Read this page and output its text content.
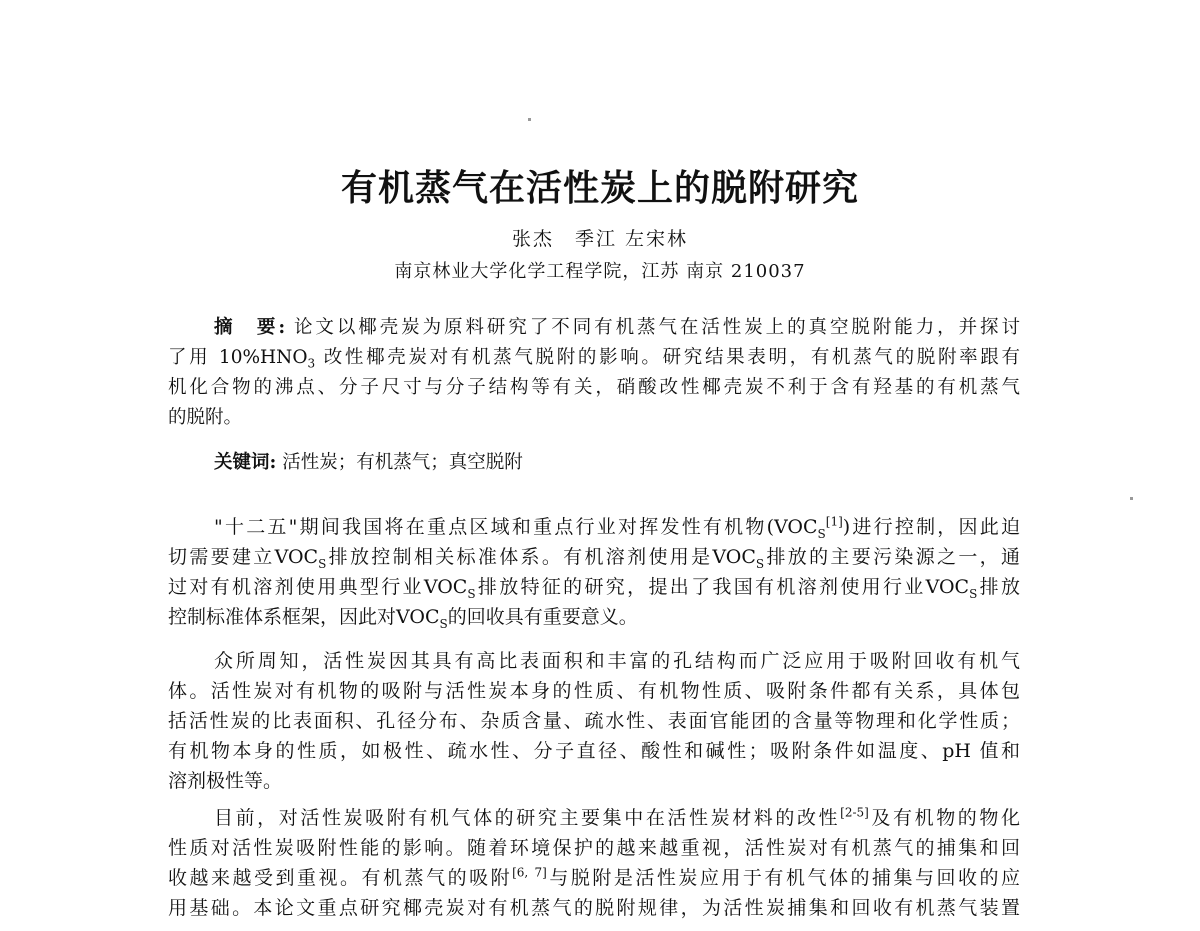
有机蒸气在活性炭上的脱附研究
张杰　季江 左宋林
南京林业大学化学工程学院，江苏 南京 210037
摘　要: 论文以椰壳炭为原料研究了不同有机蒸气在活性炭上的真空脱附能力，并探讨
了用 $10\%HNO_3$ 改性椰壳炭对有机蒸气脱附的影响。研究结果表明，有机蒸气的脱附率跟有
机化合物的沸点、分子尺寸与分子结构等有关，硝酸改性椰壳炭不利于含有羟基的有机蒸气
的脱附。
关键词: 活性炭；有机蒸气；真空脱附
"十二五"期间我国将在重点区域和重点行业对挥发性有机物$(VOC_S[1])$进行控制，因此迫
切需要建立$VOC_S$排放控制相关标准体系。有机溶剂使用是$VOC_S$排放的主要污染源之一，通
过对有机溶剂使用典型行业$VOC_S$排放特征的研究，提出了我国有机溶剂使用行业$VOC_S$排放
控制标准体系框架，因此对$VOC_S$的回收具有重要意义。
众所周知，活性炭因其具有高比表面积和丰富的孔结构而广泛应用于吸附回收有机气
体。活性炭对有机物的吸附与活性炭本身的性质、有机物性质、吸附条件都有关系，具体包
括活性炭的比表面积、孔径分布、杂质含量、疏水性、表面官能团的含量等物理和化学性质；
有机物本身的性质，如极性、疏水性、分子直径、酸性和碱性；吸附条件如温度、pH 值和
溶剂极性等。
目前，对活性炭吸附有机气体的研究主要集中在活性炭材料的改性[2-5]及有机物的物化
性质对活性炭吸附性能的影响。随着环境保护的越来越重视，活性炭对有机蒸气的捕集和回
收越来越受到重视。有机蒸气的吸附[6, 7]与脱附是活性炭应用于有机气体的捕集与回收的应
用基础。本论文重点研究椰壳炭对有机蒸气的脱附规律，为活性炭捕集和回收有机蒸气装置
